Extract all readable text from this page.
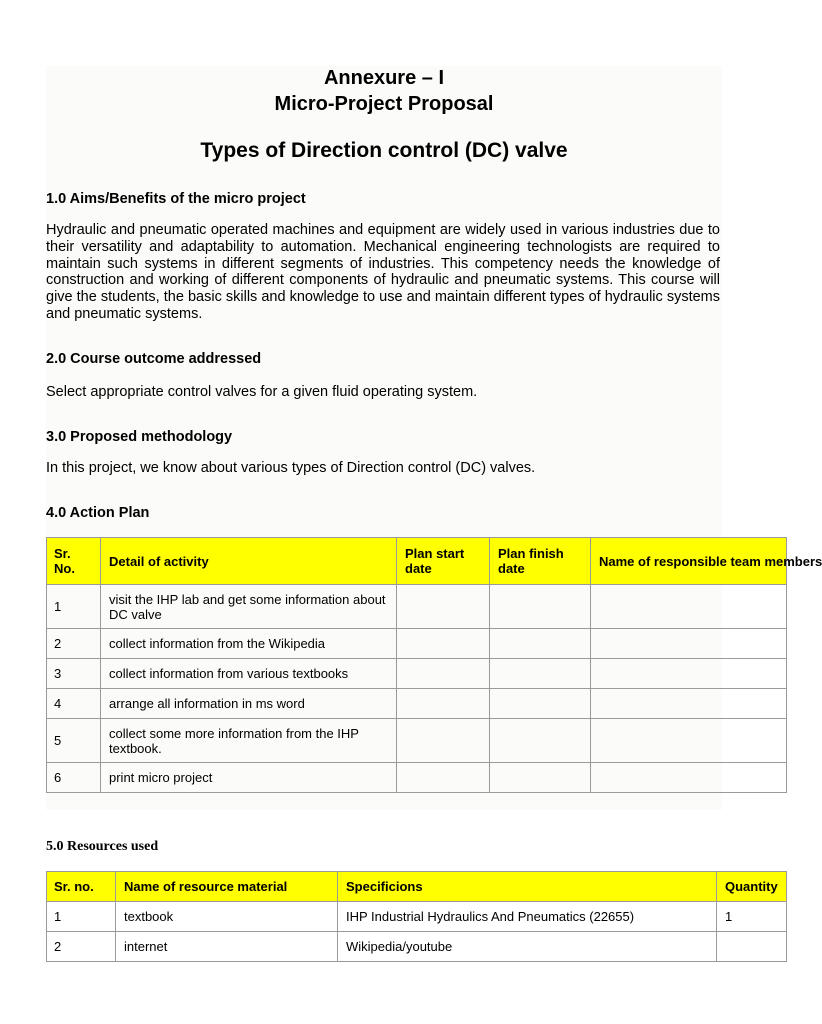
Annexure – I
Micro-Project Proposal
Types of Direction control (DC) valve
1.0 Aims/Benefits of the micro project
Hydraulic and pneumatic operated machines and equipment are widely used in various industries due to their versatility and adaptability to automation. Mechanical engineering technologists are required to maintain such systems in different segments of industries. This competency needs the knowledge of construction and working of different components of hydraulic and pneumatic systems. This course will give the students, the basic skills and knowledge to use and maintain different types of hydraulic systems and pneumatic systems.
2.0 Course outcome addressed
Select appropriate control valves for a given fluid operating system.
3.0 Proposed methodology
In this project, we know about various types of Direction control (DC) valves.
4.0 Action Plan
Sr. No.	Detail of activity	Plan start date	Plan finish date	Name of responsible team members
1	visit the IHP lab and get some information about DC valve			
2	collect information from the Wikipedia			
3	collect information from various textbooks			
4	arrange all information in ms word			
5	collect some more information from the IHP textbook.			
6	print micro project			
5.0 Resources used
Sr. no.	Name of resource material	Specificions	Quantity
1	textbook	IHP Industrial Hydraulics And Pneumatics (22655)	1
2	internet	Wikipedia/youtube	
